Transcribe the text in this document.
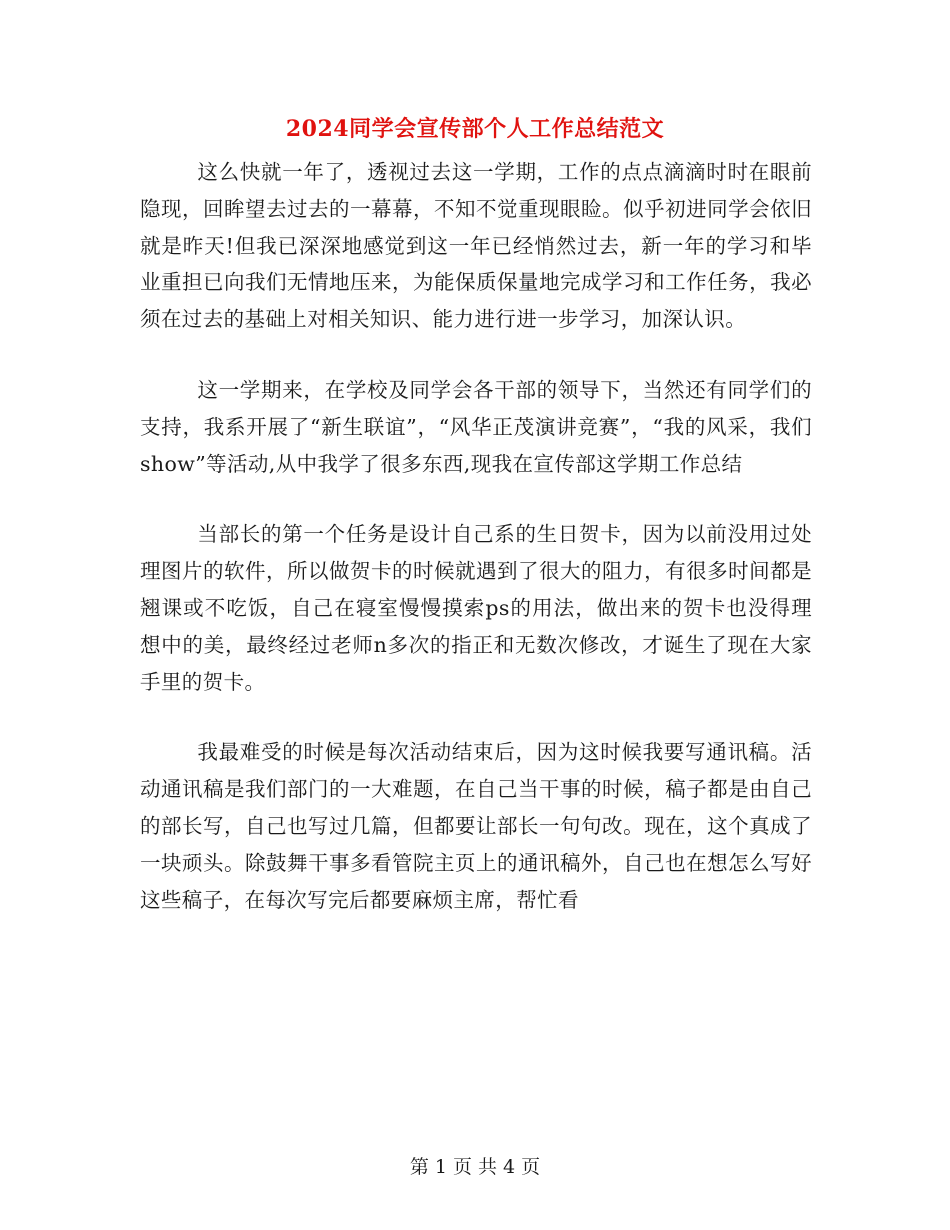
2024同学会宣传部个人工作总结范文

这么快就一年了，透视过去这一学期，工作的点点滴滴时时在眼前隐现，回眸望去过去的一幕幕，不知不觉重现眼睑。似乎初进同学会依旧就是昨天!但我已深深地感觉到这一年已经悄然过去，新一年的学习和毕业重担已向我们无情地压来，为能保质保量地完成学习和工作任务，我必须在过去的基础上对相关知识、能力进行进一步学习，加深认识。

这一学期来，在学校及同学会各干部的领导下，当然还有同学们的支持，我系开展了“新生联谊”，“风华正茂演讲竞赛”，“我的风采，我们show”等活动,从中我学了很多东西,现我在宣传部这学期工作总结

当部长的第一个任务是设计自己系的生日贺卡，因为以前没用过处理图片的软件，所以做贺卡的时候就遇到了很大的阻力，有很多时间都是翘课或不吃饭，自己在寝室慢慢摸索ps的用法，做出来的贺卡也没得理想中的美，最终经过老师n多次的指正和无数次修改，才诞生了现在大家手里的贺卡。

我最难受的时候是每次活动结束后，因为这时候我要写通讯稿。活动通讯稿是我们部门的一大难题，在自己当干事的时候，稿子都是由自己的部长写，自己也写过几篇，但都要让部长一句句改。现在，这个真成了一块顽头。除鼓舞干事多看管院主页上的通讯稿外，自己也在想怎么写好这些稿子，在每次写完后都要麻烦主席，帮忙看

第 1 页 共 4 页
